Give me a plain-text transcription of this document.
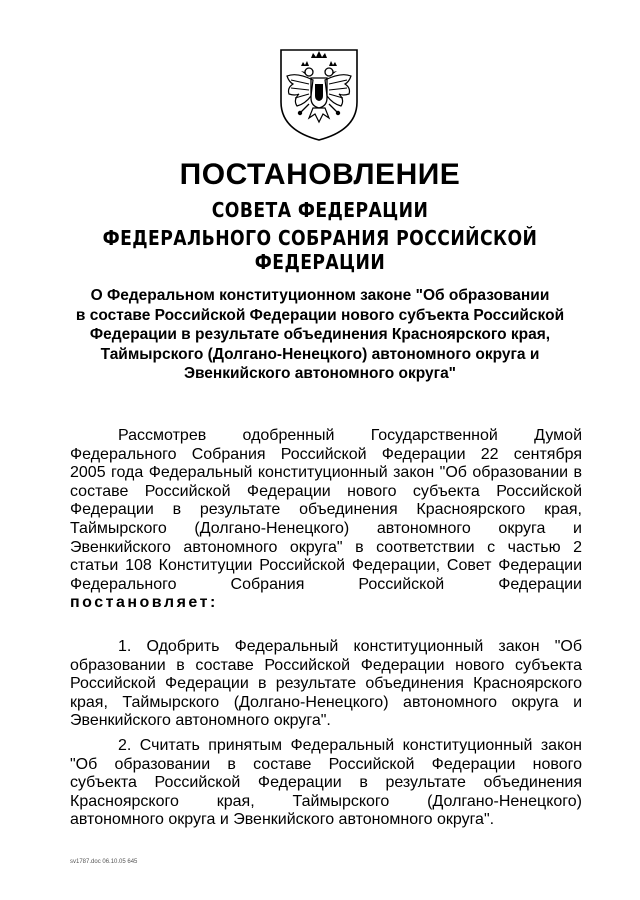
ПОСТАНОВЛЕНИЕ
СОВЕТА ФЕДЕРАЦИИ
ФЕДЕРАЛЬНОГО СОБРАНИЯ РОССИЙСКОЙ ФЕДЕРАЦИИ
О Федеральном конституционном законе "Об образовании
в составе Российской Федерации нового субъекта Российской
Федерации в результате объединения Красноярского края,
Таймырского (Долгано-Ненецкого) автономного округа и
Эвенкийского автономного округа"
Рассмотрев одобренный Государственной Думой
Федерального Собрания Российской Федерации 22 сентября
2005 года Федеральный конституционный закон "Об образовании в
составе Российской Федерации нового субъекта Российской
Федерации в результате объединения Красноярского края,
Таймырского (Долгано-Ненецкого) автономного округа и
Эвенкийского автономного округа" в соответствии с частью 2
статьи 108 Конституции Российской Федерации, Совет Федерации
Федерального Собрания Российской Федерации
постановляет:
1. Одобрить Федеральный конституционный закон "Об
образовании в составе Российской Федерации нового субъекта
Российской Федерации в результате объединения Красноярского
края, Таймырского (Долгано-Ненецкого) автономного округа и
Эвенкийского автономного округа".
2. Считать принятым Федеральный конституционный закон
"Об образовании в составе Российской Федерации нового
субъекта Российской Федерации в результате объединения
Красноярского края, Таймырского (Долгано-Ненецкого)
автономного округа и Эвенкийского автономного округа".
sv1787.doc 06.10.05 645
